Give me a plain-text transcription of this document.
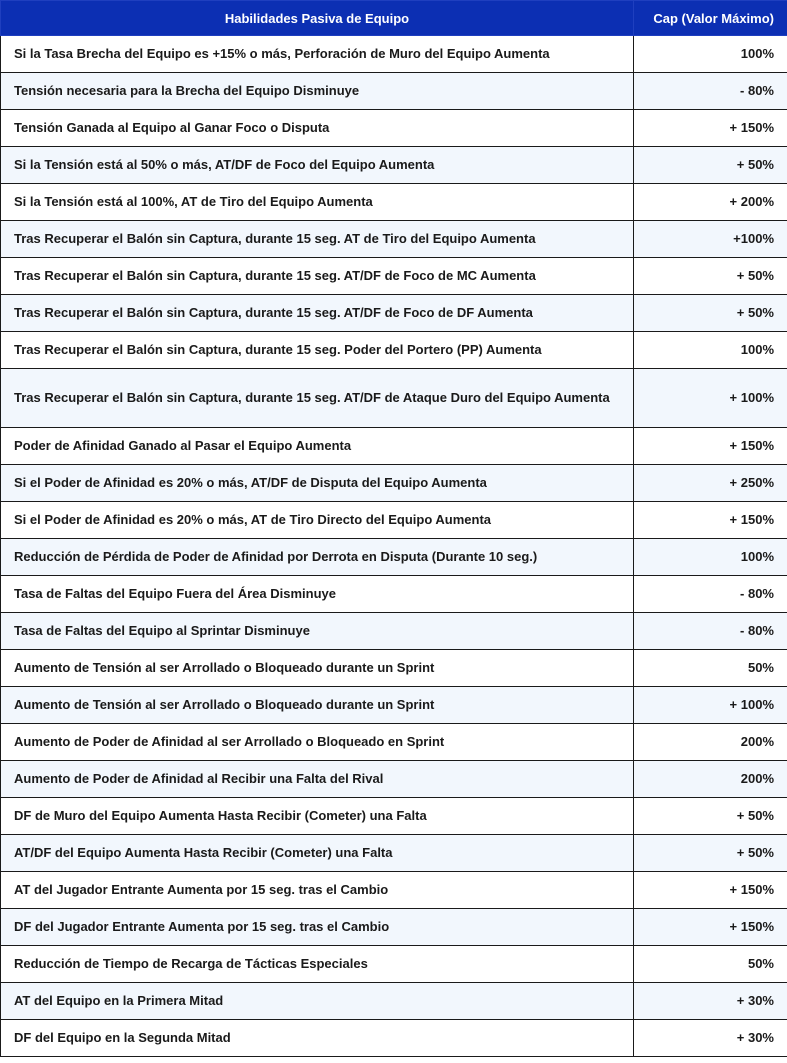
Habilidades Pasiva de Equipo	Cap (Valor Máximo)
Si la Tasa Brecha del Equipo es +15% o más, Perforación de Muro del Equipo Aumenta	100%
Tensión necesaria para la Brecha del Equipo Disminuye	- 80%
Tensión Ganada al Equipo al Ganar Foco o Disputa	+ 150%
Si la Tensión está al 50% o más, AT/DF de Foco del Equipo Aumenta	+ 50%
Si la Tensión está al 100%, AT de Tiro del Equipo Aumenta	+ 200%
Tras Recuperar el Balón sin Captura, durante 15 seg. AT de Tiro del Equipo Aumenta	+100%
Tras Recuperar el Balón sin Captura, durante 15 seg. AT/DF de Foco de MC Aumenta	+ 50%
Tras Recuperar el Balón sin Captura, durante 15 seg. AT/DF de Foco de DF Aumenta	+ 50%
Tras Recuperar el Balón sin Captura, durante 15 seg. Poder del Portero (PP) Aumenta	100%
Tras Recuperar el Balón sin Captura, durante 15 seg. AT/DF de Ataque Duro del Equipo Aumenta	+ 100%
Poder de Afinidad Ganado al Pasar el Equipo Aumenta	+ 150%
Si el Poder de Afinidad es 20% o más, AT/DF de Disputa del Equipo Aumenta	+ 250%
Si el Poder de Afinidad es 20% o más, AT de Tiro Directo del Equipo Aumenta	+ 150%
Reducción de Pérdida de Poder de Afinidad por Derrota en Disputa (Durante 10 seg.)	100%
Tasa de Faltas del Equipo Fuera del Área Disminuye	- 80%
Tasa de Faltas del Equipo al Sprintar Disminuye	- 80%
Aumento de Tensión al ser Arrollado o Bloqueado durante un Sprint	50%
Aumento de Tensión al ser Arrollado o Bloqueado durante un Sprint	+ 100%
Aumento de Poder de Afinidad al ser Arrollado o Bloqueado en Sprint	200%
Aumento de Poder de Afinidad al Recibir una Falta del Rival	200%
DF de Muro del Equipo Aumenta Hasta Recibir (Cometer) una Falta	+ 50%
AT/DF del Equipo Aumenta Hasta Recibir (Cometer) una Falta	+ 50%
AT del Jugador Entrante Aumenta por 15 seg. tras el Cambio	+ 150%
DF del Jugador Entrante Aumenta por 15 seg. tras el Cambio	+ 150%
Reducción de Tiempo de Recarga de Tácticas Especiales	50%
AT del Equipo en la Primera Mitad	+ 30%
DF del Equipo en la Segunda Mitad	+ 30%
